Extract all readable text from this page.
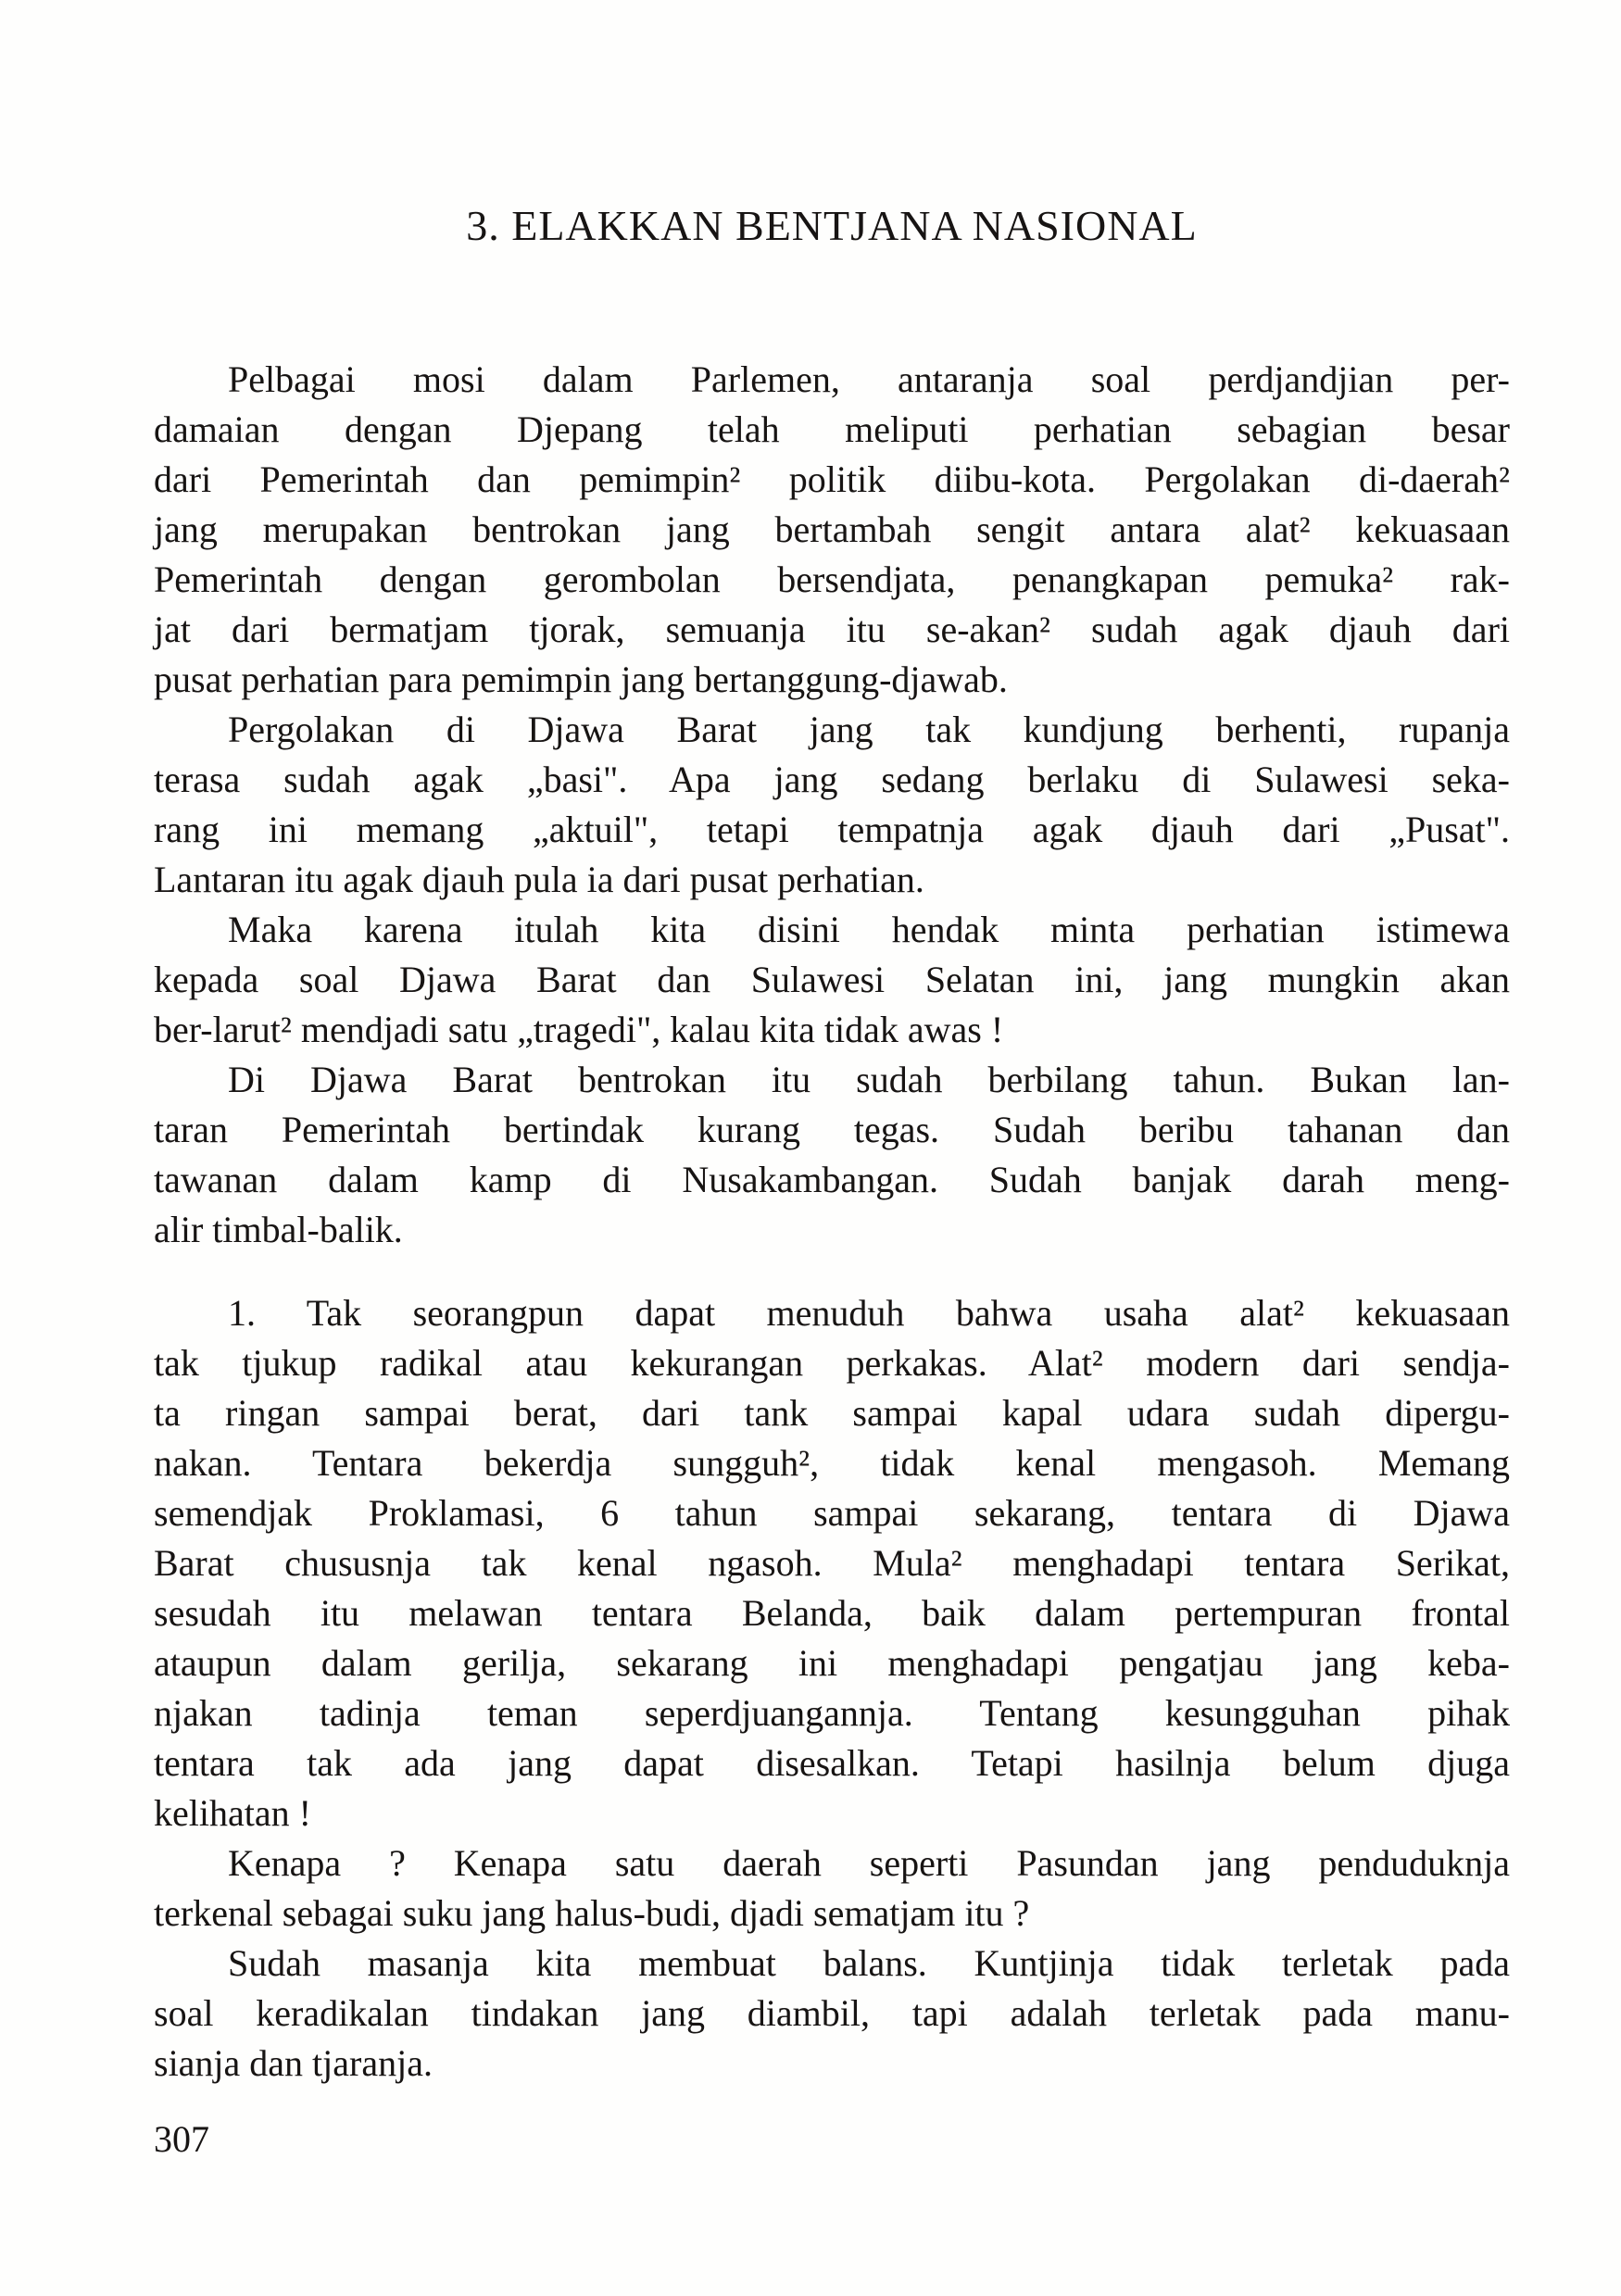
3. ELAKKAN BENTJANA NASIONAL

Pelbagai mosi dalam Parlemen, antaranja soal perdjandjian per-
damaian dengan Djepang telah meliputi perhatian sebagian besar
dari Pemerintah dan pemimpin² politik diibu-kota. Pergolakan di-daerah²
jang merupakan bentrokan jang bertambah sengit antara alat² kekuasaan
Pemerintah dengan gerombolan bersendjata, penangkapan pemuka² rak-
jat dari bermatjam tjorak, semuanja itu se-akan² sudah agak djauh dari
pusat perhatian para pemimpin jang bertanggung-djawab.

Pergolakan di Djawa Barat jang tak kundjung berhenti, rupanja
terasa sudah agak „basi". Apa jang sedang berlaku di Sulawesi seka-
rang ini memang „aktuil", tetapi tempatnja agak djauh dari „Pusat".
Lantaran itu agak djauh pula ia dari pusat perhatian.

Maka karena itulah kita disini hendak minta perhatian istimewa
kepada soal Djawa Barat dan Sulawesi Selatan ini, jang mungkin akan
ber-larut² mendjadi satu „tragedi", kalau kita tidak awas !

Di Djawa Barat bentrokan itu sudah berbilang tahun. Bukan lan-
taran Pemerintah bertindak kurang tegas. Sudah beribu tahanan dan
tawanan dalam kamp di Nusakambangan. Sudah banjak darah meng-
alir timbal-balik.

1. Tak seorangpun dapat menuduh bahwa usaha alat² kekuasaan
tak tjukup radikal atau kekurangan perkakas. Alat² modern dari sendja-
ta ringan sampai berat, dari tank sampai kapal udara sudah dipergu-
nakan. Tentara bekerdja sungguh², tidak kenal mengasoh. Memang
semendjak Proklamasi, 6 tahun sampai sekarang, tentara di Djawa
Barat chususnja tak kenal ngasoh. Mula² menghadapi tentara Serikat,
sesudah itu melawan tentara Belanda, baik dalam pertempuran frontal
ataupun dalam gerilja, sekarang ini menghadapi pengatjau jang keba-
njakan tadinja teman seperdjuangannja. Tentang kesungguhan pihak
tentara tak ada jang dapat disesalkan. Tetapi hasilnja belum djuga
kelihatan !

Kenapa ? Kenapa satu daerah seperti Pasundan jang penduduknja
terkenal sebagai suku jang halus-budi, djadi sematjam itu ?

Sudah masanja kita membuat balans. Kuntjinja tidak terletak pada
soal keradikalan tindakan jang diambil, tapi adalah terletak pada manu-
sianja dan tjaranja.

307
